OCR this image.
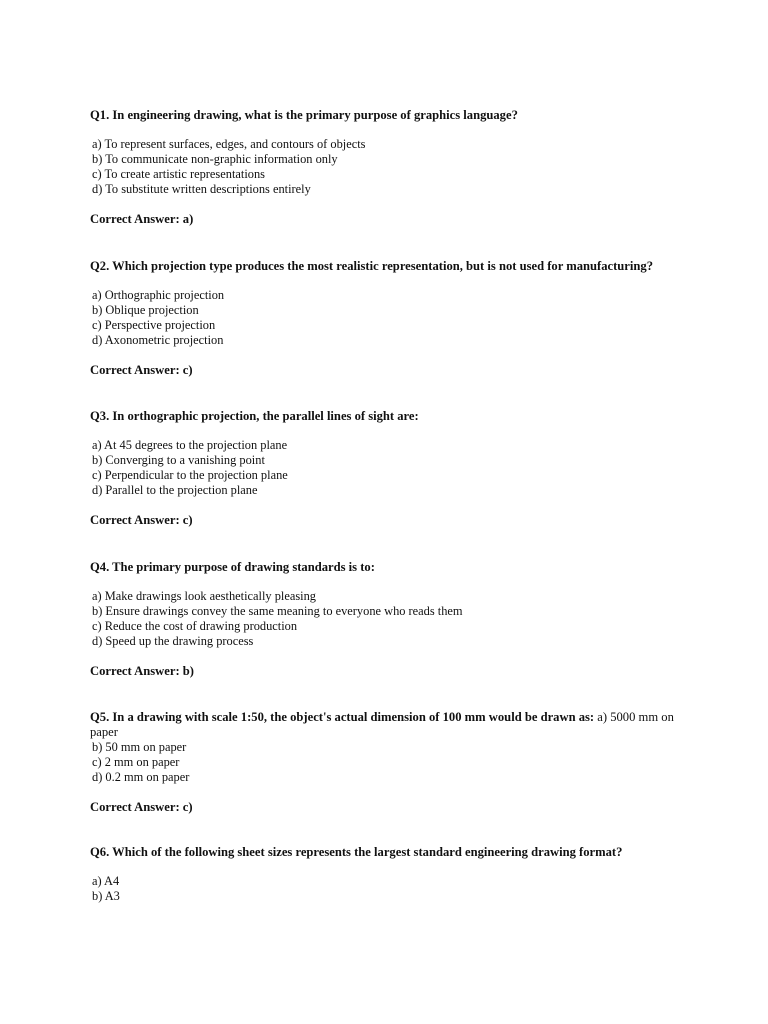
Q1. In engineering drawing, what is the primary purpose of graphics language?

a) To represent surfaces, edges, and contours of objects
b) To communicate non-graphic information only
c) To create artistic representations
d) To substitute written descriptions entirely
Correct Answer: a)

Q2. Which projection type produces the most realistic representation, but is not used for manufacturing?

a) Orthographic projection
b) Oblique projection
c) Perspective projection
d) Axonometric projection
Correct Answer: c)

Q3. In orthographic projection, the parallel lines of sight are:

a) At 45 degrees to the projection plane
b) Converging to a vanishing point
c) Perpendicular to the projection plane
d) Parallel to the projection plane
Correct Answer: c)

Q4. The primary purpose of drawing standards is to:

a) Make drawings look aesthetically pleasing
b) Ensure drawings convey the same meaning to everyone who reads them
c) Reduce the cost of drawing production
d) Speed up the drawing process
Correct Answer: b)

Q5. In a drawing with scale 1:50, the object's actual dimension of 100 mm would be drawn as: a) 5000 mm on paper

b) 50 mm on paper
c) 2 mm on paper
d) 0.2 mm on paper
Correct Answer: c)

Q6. Which of the following sheet sizes represents the largest standard engineering drawing format?

a) A4
b) A3
